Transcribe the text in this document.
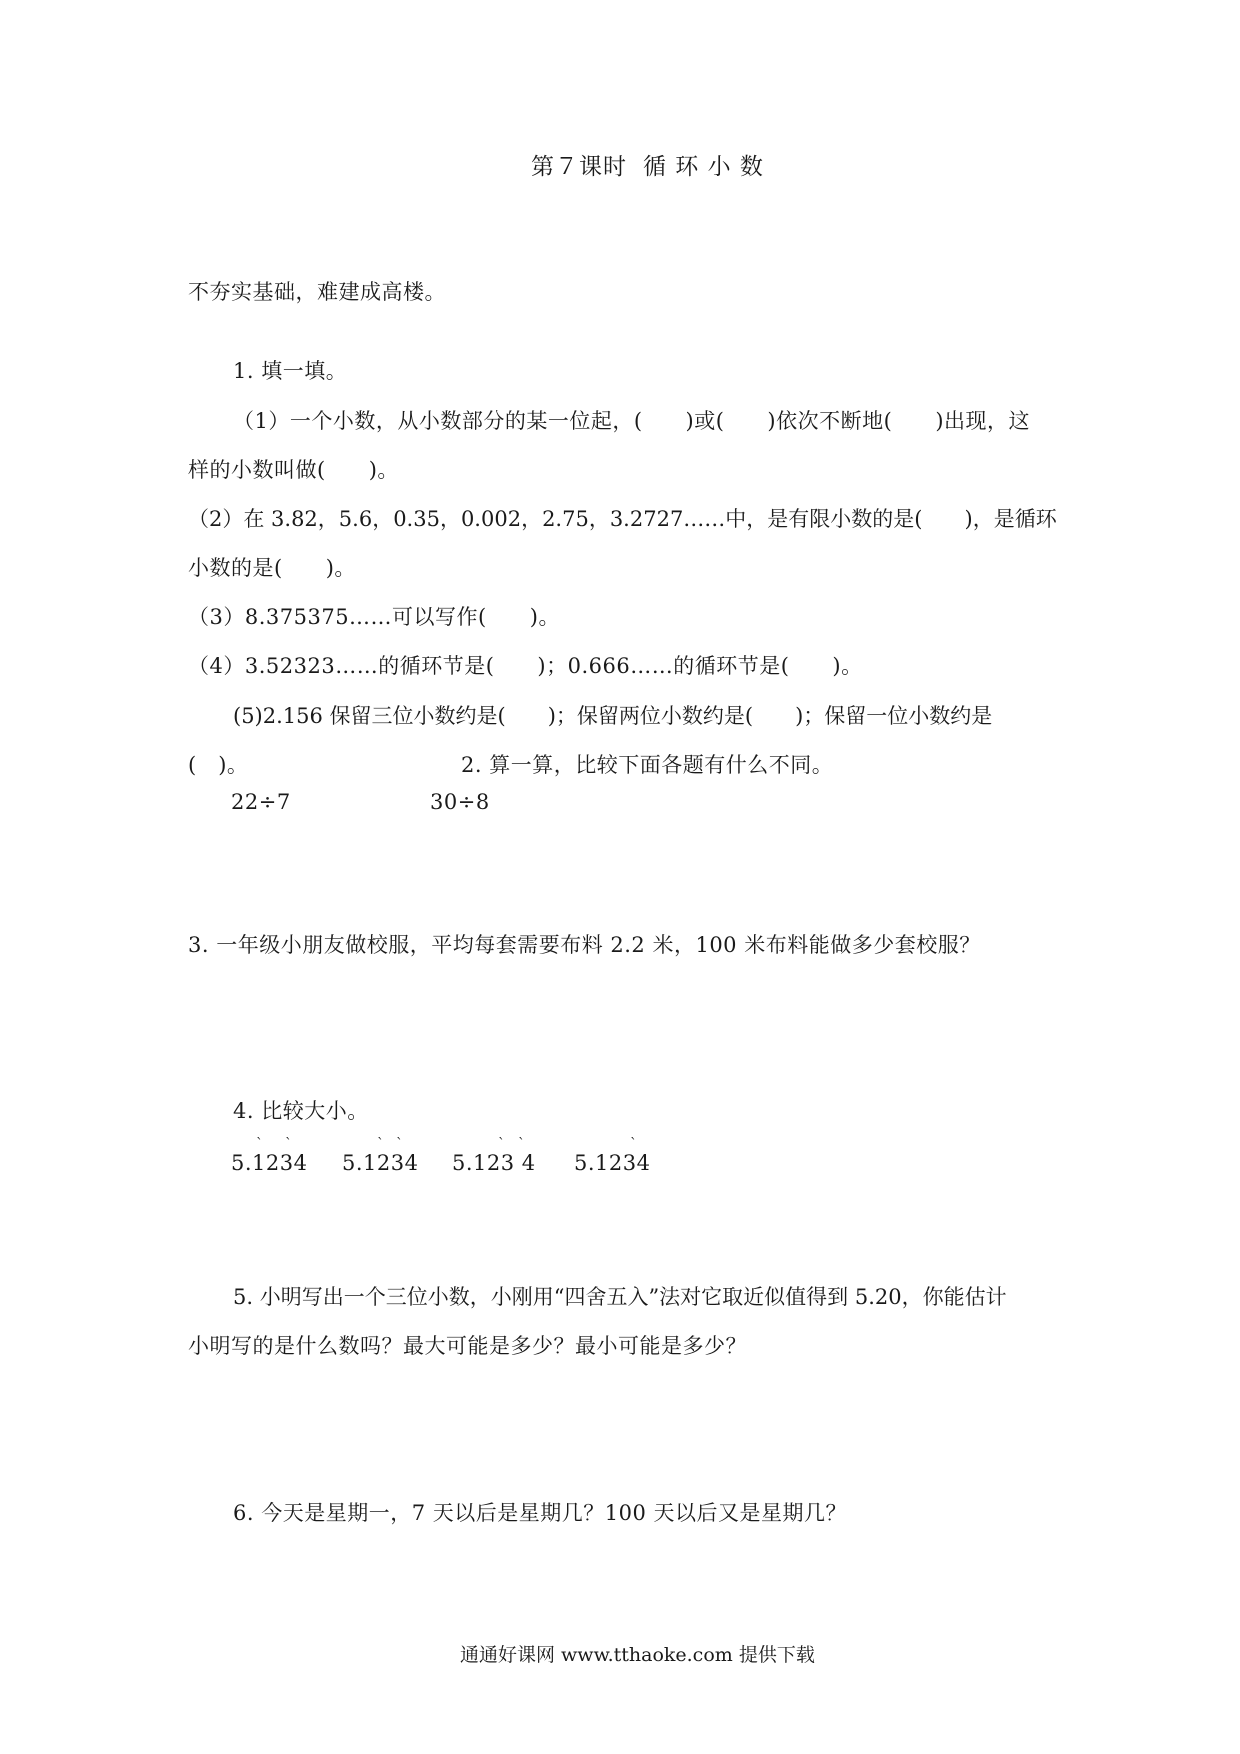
第７课时 循 环 小 数
不夯实基础，难建成高楼。
1. 填一填。
（1）一个小数，从小数部分的某一位起，(　　)或(　　)依次不断地(　　)出现，这
样的小数叫做(　　)。
（2）在 3.82，5.6，0.35，0.002，2.75，3.2727……中，是有限小数的是(　　)，是循环
小数的是(　　)。
（3）8.375375……可以写作(　　)。
（4）3.52323……的循环节是(　　)；0.666……的循环节是(　　)。
(5)2.156 保留三位小数约是(　　)；保留两位小数约是(　　)；保留一位小数约是
(　)。	2. 算一算，比较下面各题有什么不同。
22÷7	30÷8
3. 一年级小朋友做校服，平均每套需要布料 2.2 米，100 米布料能做多少套校服？
4. 比较大小。
5.1234
ˋ ˋ
5.1234
ˋ ˋ
5.123 4
ˋ ˋ
5.1234
ˋ
5. 小明写出一个三位小数，小刚用“四舍五入”法对它取近似值得到 5.20，你能估计
小明写的是什么数吗？最大可能是多少？最小可能是多少？
6. 今天是星期一，7 天以后是星期几？100 天以后又是星期几？
通通好课网 www.tthaoke.com 提供下载
